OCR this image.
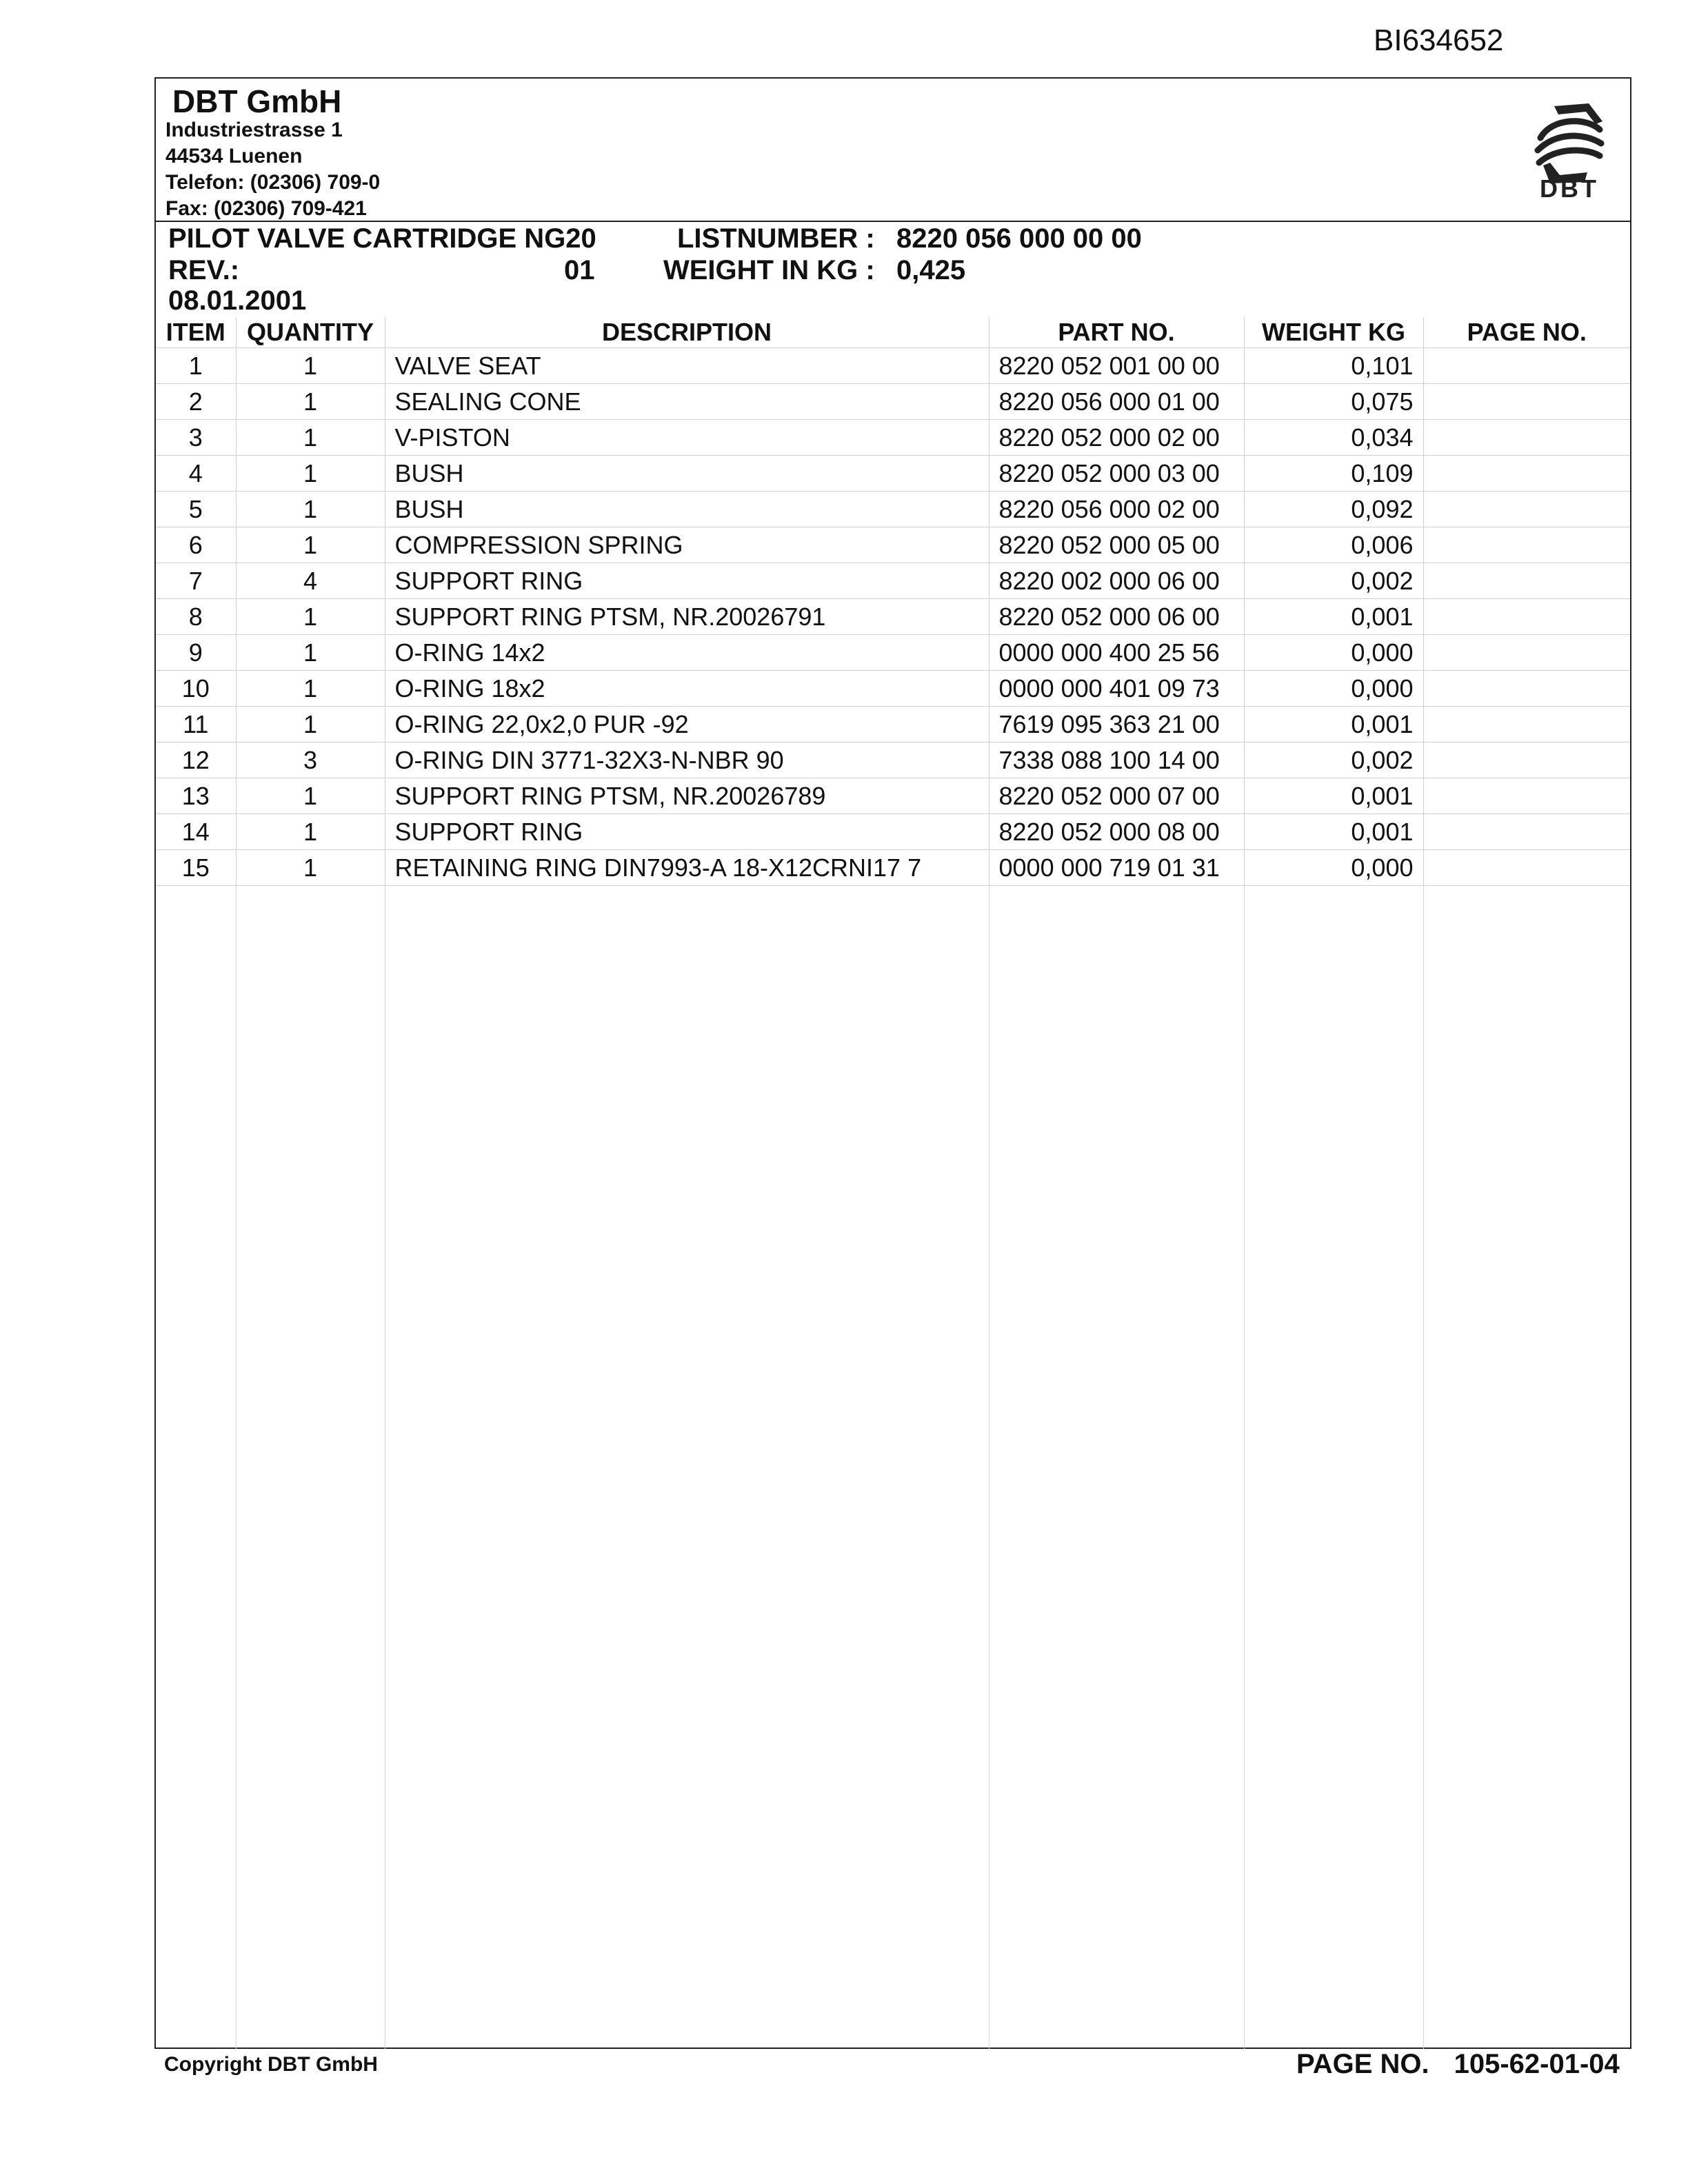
BI634652
DBT GmbH
Industriestrasse 1
44534 Luenen
Telefon: (02306) 709-0
Fax: (02306) 709-421
DBT
PILOT VALVE CARTRIDGE NG20	LISTNUMBER : 8220 056 000 00 00
REV.:	01 WEIGHT IN KG : 0,425
08.01.2001
ITEM	QUANTITY	DESCRIPTION	PART NO.	WEIGHT KG	PAGE NO.
1	1	VALVE SEAT	8220 052 001 00 00	0,101	
2	1	SEALING CONE	8220 056 000 01 00	0,075	
3	1	V-PISTON	8220 052 000 02 00	0,034	
4	1	BUSH	8220 052 000 03 00	0,109	
5	1	BUSH	8220 056 000 02 00	0,092	
6	1	COMPRESSION SPRING	8220 052 000 05 00	0,006	
7	4	SUPPORT RING	8220 002 000 06 00	0,002	
8	1	SUPPORT RING PTSM, NR.20026791	8220 052 000 06 00	0,001	
9	1	O-RING 14x2	0000 000 400 25 56	0,000	
10	1	O-RING 18x2	0000 000 401 09 73	0,000	
11	1	O-RING 22,0x2,0 PUR -92	7619 095 363 21 00	0,001	
12	3	O-RING DIN 3771-32X3-N-NBR 90	7338 088 100 14 00	0,002	
13	1	SUPPORT RING PTSM, NR.20026789	8220 052 000 07 00	0,001	
14	1	SUPPORT RING	8220 052 000 08 00	0,001	
15	1	RETAINING RING DIN7993-A 18-X12CRNI17 7	0000 000 719 01 31	0,000	
Copyright DBT GmbH	PAGE NO. 105-62-01-04
